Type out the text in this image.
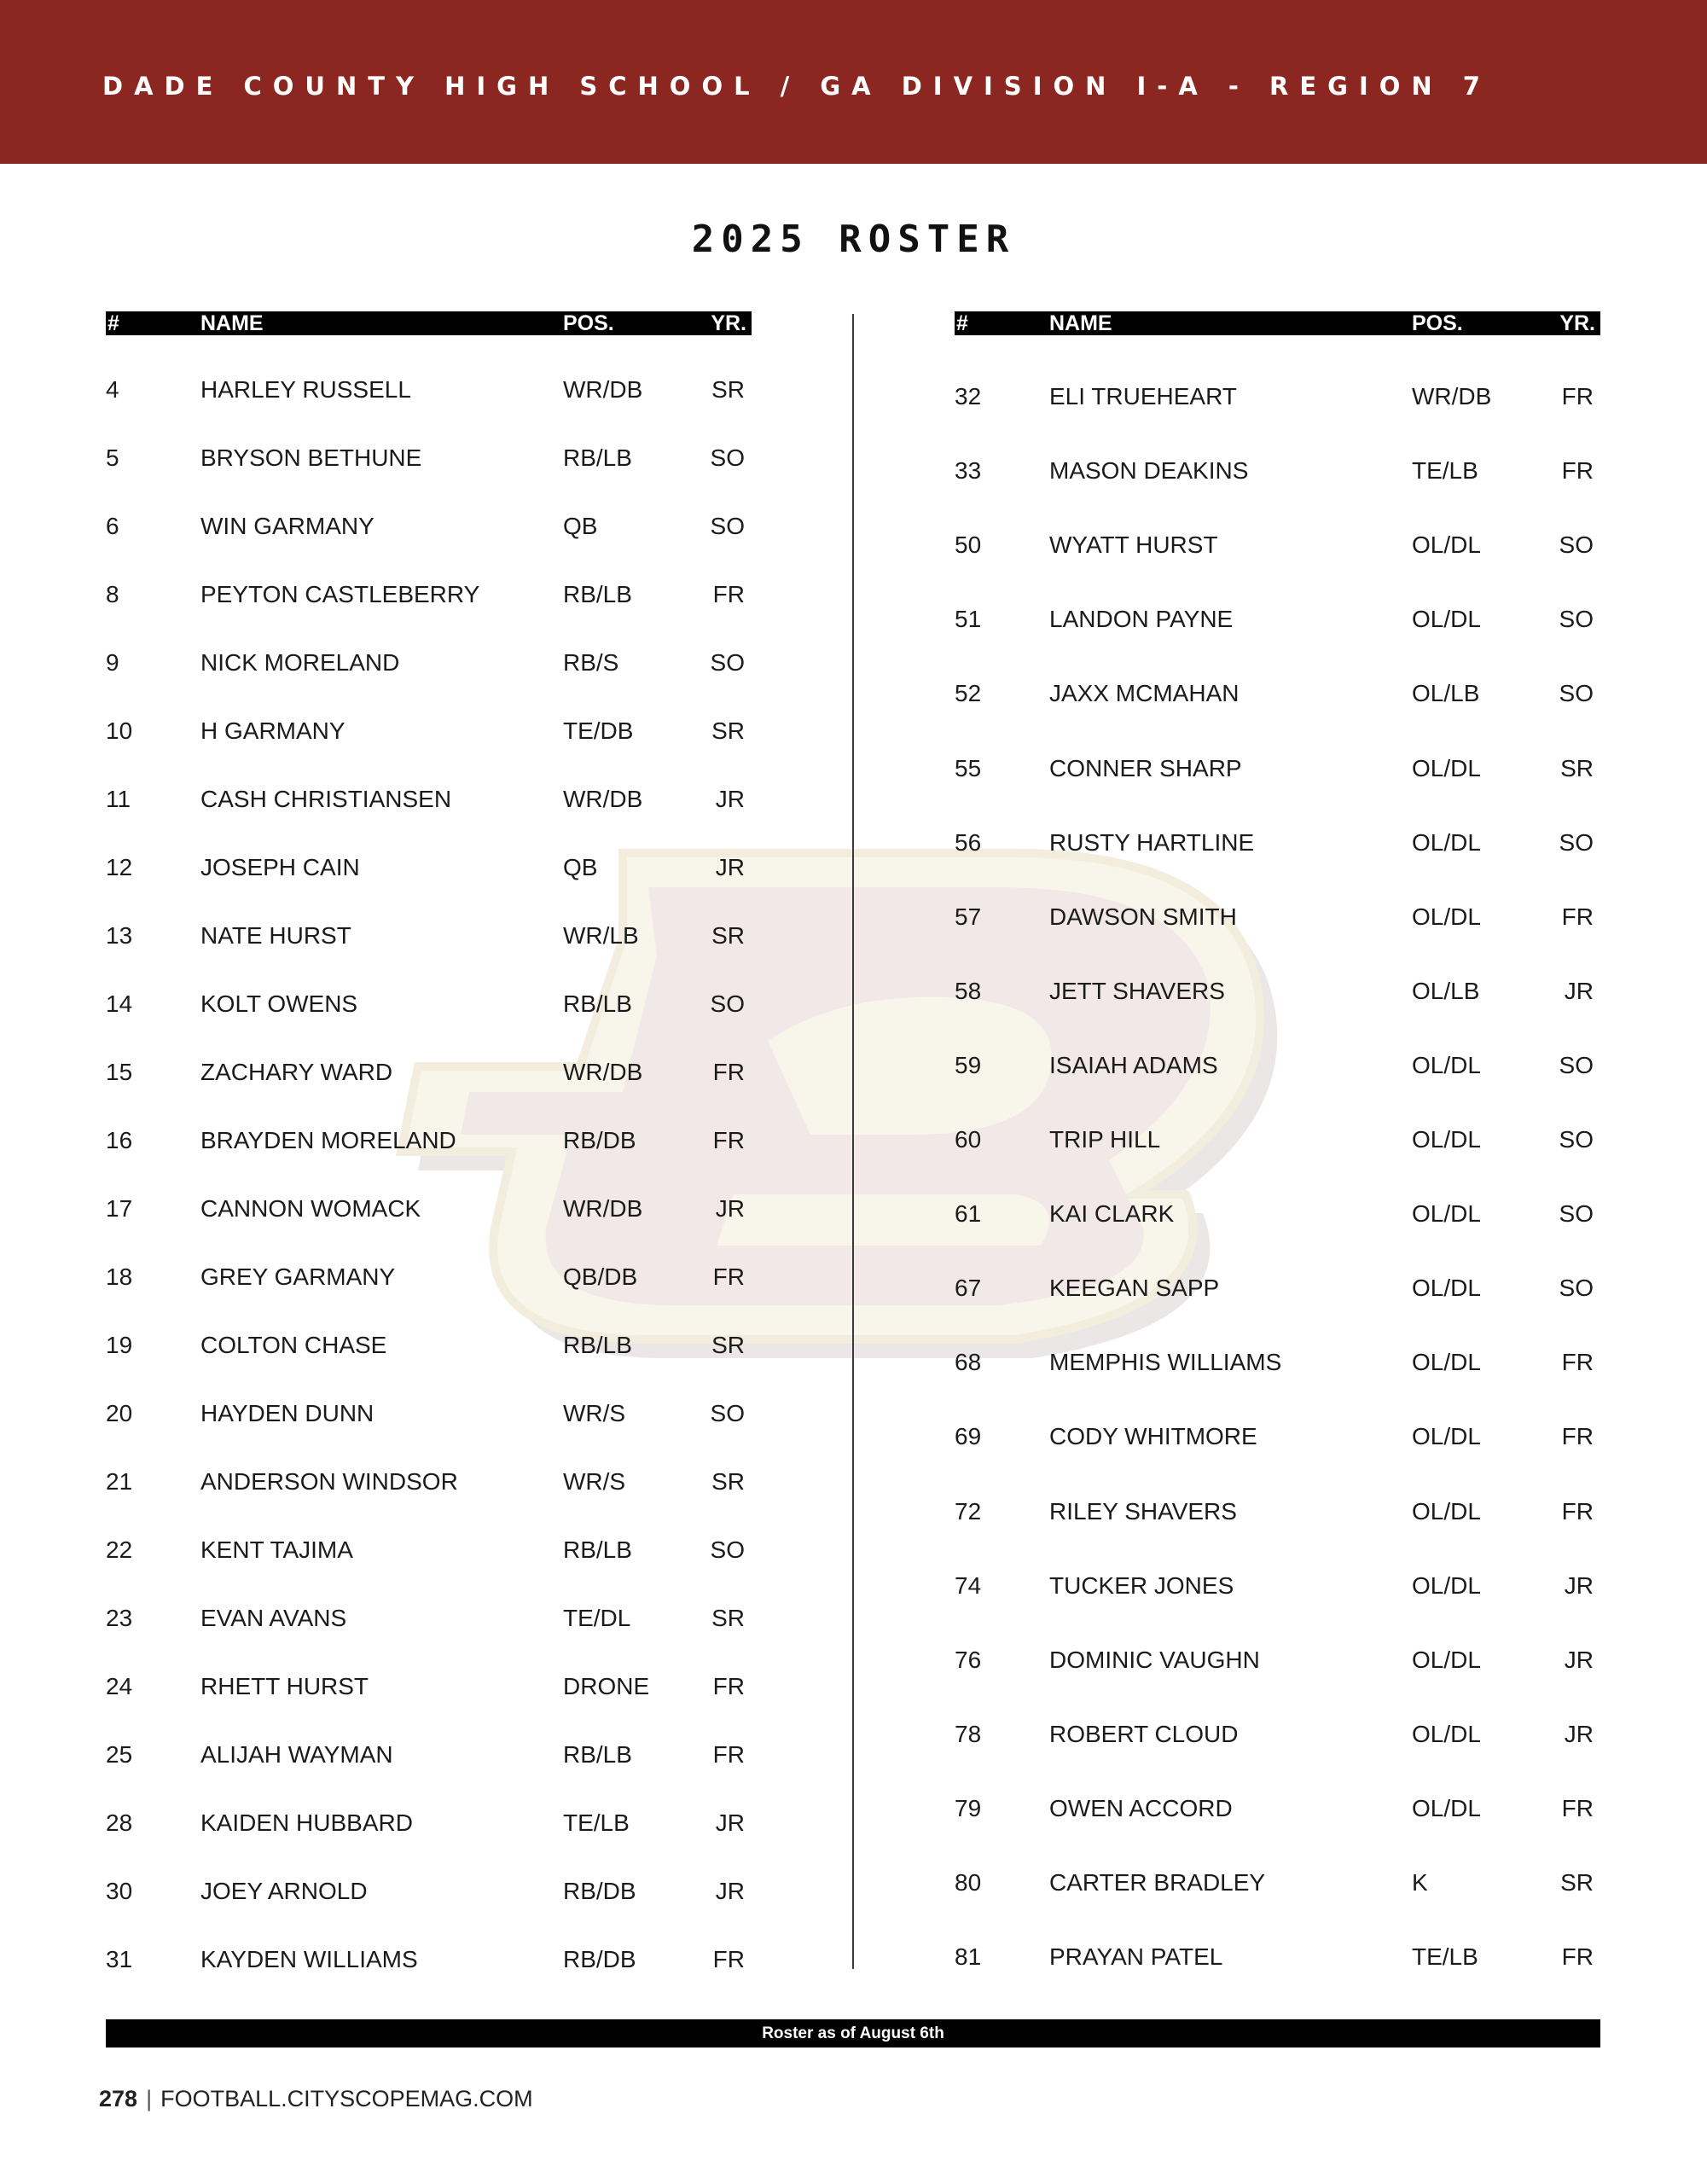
DADE COUNTY HIGH SCHOOL / GA DIVISION I-A - REGION 7
2025 ROSTER
#	NAME	POS.	YR.	#	NAME	POS.	YR.
4	HARLEY RUSSELL	WR/DB	SR
5	BRYSON BETHUNE	RB/LB	SO
6	WIN GARMANY	QB	SO
8	PEYTON CASTLEBERRY	RB/LB	FR
9	NICK MORELAND	RB/S	SO
10	H GARMANY	TE/DB	SR
11	CASH CHRISTIANSEN	WR/DB	JR
12	JOSEPH CAIN	QB	JR
13	NATE HURST	WR/LB	SR
14	KOLT OWENS	RB/LB	SO
15	ZACHARY WARD	WR/DB	FR
16	BRAYDEN MORELAND	RB/DB	FR
17	CANNON WOMACK	WR/DB	JR
18	GREY GARMANY	QB/DB	FR
19	COLTON CHASE	RB/LB	SR
20	HAYDEN DUNN	WR/S	SO
21	ANDERSON WINDSOR	WR/S	SR
22	KENT TAJIMA	RB/LB	SO
23	EVAN AVANS	TE/DL	SR
24	RHETT HURST	DRONE	FR
25	ALIJAH WAYMAN	RB/LB	FR
28	KAIDEN HUBBARD	TE/LB	JR
30	JOEY ARNOLD	RB/DB	JR
31	KAYDEN WILLIAMS	RB/DB	FR
32	ELI TRUEHEART	WR/DB	FR
33	MASON DEAKINS	TE/LB	FR
50	WYATT HURST	OL/DL	SO
51	LANDON PAYNE	OL/DL	SO
52	JAXX MCMAHAN	OL/LB	SO
55	CONNER SHARP	OL/DL	SR
56	RUSTY HARTLINE	OL/DL	SO
57	DAWSON SMITH	OL/DL	FR
58	JETT SHAVERS	OL/LB	JR
59	ISAIAH ADAMS	OL/DL	SO
60	TRIP HILL	OL/DL	SO
61	KAI CLARK	OL/DL	SO
67	KEEGAN SAPP	OL/DL	SO
68	MEMPHIS WILLIAMS	OL/DL	FR
69	CODY WHITMORE	OL/DL	FR
72	RILEY SHAVERS	OL/DL	FR
74	TUCKER JONES	OL/DL	JR
76	DOMINIC VAUGHN	OL/DL	JR
78	ROBERT CLOUD	OL/DL	JR
79	OWEN ACCORD	OL/DL	FR
80	CARTER BRADLEY	K	SR
81	PRAYAN PATEL	TE/LB	FR
Roster as of August 6th
278 | FOOTBALL.CITYSCOPEMAG.COM
